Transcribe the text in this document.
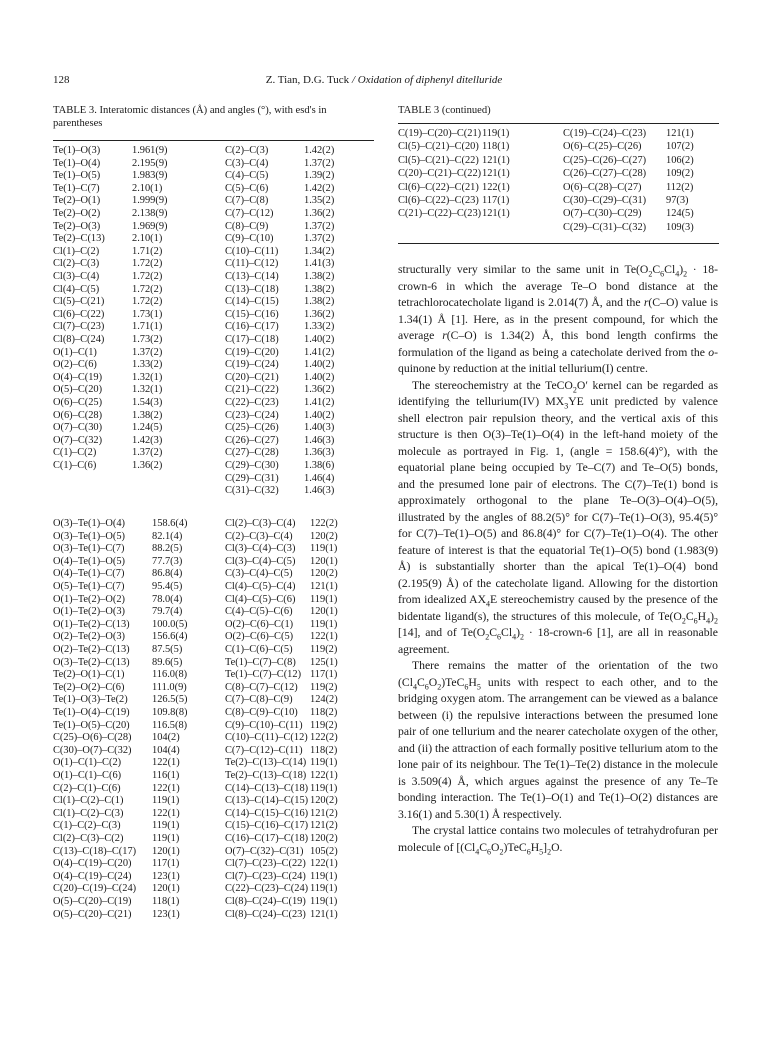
128	Z. Tian, D.G. Tuck / Oxidation of diphenyl ditelluride
TABLE 3. Interatomic distances (Å) and angles (°), with esd's in parentheses
Te(1)–O(3)	1.961(9)
Te(1)–O(4)	2.195(9)
Te(1)–O(5)	1.983(9)
Te(1)–C(7)	2.10(1)
Te(2)–O(1)	1.999(9)
Te(2)–O(2)	2.138(9)
Te(2)–O(3)	1.969(9)
Te(2)–C(13)	2.10(1)
Cl(1)–C(2)	1.71(2)
Cl(2)–C(3)	1.72(2)
Cl(3)–C(4)	1.72(2)
Cl(4)–C(5)	1.72(2)
Cl(5)–C(21)	1.72(2)
Cl(6)–C(22)	1.73(1)
Cl(7)–C(23)	1.71(1)
Cl(8)–C(24)	1.73(2)
O(1)–C(1)	1.37(2)
O(2)–C(6)	1.33(2)
O(4)–C(19)	1.32(1)
O(5)–C(20)	1.32(1)
O(6)–C(25)	1.54(3)
O(6)–C(28)	1.38(2)
O(7)–C(30)	1.24(5)
O(7)–C(32)	1.42(3)
C(1)–C(2)	1.37(2)
C(1)–C(6)	1.36(2)
C(2)–C(3)	1.42(2)
C(3)–C(4)	1.37(2)
C(4)–C(5)	1.39(2)
C(5)–C(6)	1.42(2)
C(7)–C(8)	1.35(2)
C(7)–C(12)	1.36(2)
C(8)–C(9)	1.37(2)
C(9)–C(10)	1.37(2)
C(10)–C(11) 1.34(2)
C(11)–C(12) 1.41(3)
C(13)–C(14) 1.38(2)
C(13)–C(18) 1.38(2)
C(14)–C(15) 1.38(2)
C(15)–C(16) 1.36(2)
C(16)–C(17) 1.33(2)
C(17)–C(18) 1.40(2)
C(19)–C(20) 1.41(2)
C(19)–C(24) 1.40(2)
C(20)–C(21) 1.40(2)
C(21)–C(22) 1.36(2)
C(22)–C(23) 1.41(2)
C(23)–C(24) 1.40(2)
C(25)–C(26) 1.40(3)
C(26)–C(27) 1.46(3)
C(27)–C(28) 1.36(3)
C(29)–C(30) 1.38(6)
C(29)–C(31) 1.46(4)
C(31)–C(32) 1.46(3)
O(3)–Te(1)–O(4)	158.6(4)
O(3)–Te(1)–O(5)	82.1(4)
O(3)–Te(1)–C(7)	88.2(5)
O(4)–Te(1)–O(5)	77.7(3)
O(4)–Te(1)–C(7)	86.8(4)
O(5)–Te(1)–C(7)	95.4(5)
O(1)–Te(2)–O(2)	78.0(4)
O(1)–Te(2)–O(3)	79.7(4)
O(1)–Te(2)–C(13) 100.0(5)
O(2)–Te(2)–O(3)	156.6(4)
O(2)–Te(2)–C(13) 87.5(5)
O(3)–Te(2)–C(13) 89.6(5)
Te(2)–O(1)–C(1)	116.0(8)
Te(2)–O(2)–C(6)	111.0(9)
Te(1)–O(3)–Te(2) 126.5(5)
Te(1)–O(4)–C(19) 109.8(8)
Te(1)–O(5)–C(20) 116.5(8)
C(25)–O(6)–C(28) 104(2)
C(30)–O(7)–C(32) 104(4)
O(1)–C(1)–C(2)	122(1)
O(1)–C(1)–C(6)	116(1)
C(2)–C(1)–C(6)	122(1)
Cl(1)–C(2)–C(1)	119(1)
Cl(1)–C(2)–C(3)	122(1)
C(1)–C(2)–C(3)	119(1)
Cl(2)–C(3)–C(2)	119(1)
C(13)–C(18)–C(17) 120(1)
O(4)–C(19)–C(20) 117(1)
O(4)–C(19)–C(24) 123(1)
C(20)–C(19)–C(24) 120(1)
O(5)–C(20)–C(19) 118(1)
O(5)–C(20)–C(21) 123(1)
Cl(2)–C(3)–C(4) 122(2)
C(2)–C(3)–C(4) 120(2)
Cl(3)–C(4)–C(3) 119(1)
Cl(3)–C(4)–C(5) 120(1)
C(3)–C(4)–C(5) 120(2)
Cl(4)–C(5)–C(4) 121(1)
Cl(4)–C(5)–C(6) 119(1)
C(4)–C(5)–C(6) 120(1)
O(2)–C(6)–C(1) 119(1)
O(2)–C(6)–C(5) 122(1)
C(1)–C(6)–C(5) 119(2)
Te(1)–C(7)–C(8) 125(1)
Te(1)–C(7)–C(12) 117(1)
C(8)–C(7)–C(12) 119(2)
C(7)–C(8)–C(9) 124(2)
C(8)–C(9)–C(10) 118(2)
C(9)–C(10)–C(11) 119(2)
C(10)–C(11)–C(12) 122(2)
C(7)–C(12)–C(11) 118(2)
Te(2)–C(13)–C(14) 119(1)
Te(2)–C(13)–C(18) 122(1)
C(14)–C(13)–C(18) 119(1)
C(13)–C(14)–C(15) 120(2)
C(14)–C(15)–C(16) 121(2)
C(15)–C(16)–C(17) 121(2)
C(16)–C(17)–C(18) 120(2)
O(7)–C(32)–C(31) 105(2)
Cl(7)–C(23)–C(22) 122(1)
Cl(7)–C(23)–C(24) 119(1)
C(22)–C(23)–C(24) 119(1)
Cl(8)–C(24)–C(19) 119(1)
Cl(8)–C(24)–C(23) 121(1)
TABLE 3 (continued)
C(19)–C(20)–C(21) 119(1)
Cl(5)–C(21)–C(20) 118(1)
Cl(5)–C(21)–C(22) 121(1)
C(20)–C(21)–C(22) 121(1)
Cl(6)–C(22)–C(21) 122(1)
Cl(6)–C(22)–C(23) 117(1)
C(21)–C(22)–C(23) 121(1)
C(19)–C(24)–C(23) 121(1)
O(6)–C(25)–C(26) 107(2)
C(25)–C(26)–C(27) 106(2)
C(26)–C(27)–C(28) 109(2)
O(6)–C(28)–C(27) 112(2)
C(30)–C(29)–C(31) 97(3)
O(7)–C(30)–C(29) 124(5)
C(29)–C(31)–C(32) 109(3)

structurally very similar to the same unit in $Te(O_2C_6Cl_4)_2$ · 18-crown-6 in which the average Te–O bond distance at the tetrachlorocatecholate ligand is 2.014(7) Å, and the r(C–O) value is 1.34(1) Å [1]. Here, as in the present compound, for which the average r(C–O) is 1.34(2) Å, this bond length confirms the formulation of the ligand as being a catecholate derived from the o-quinone by reduction at the initial tellurium(I) centre.

The stereochemistry at the TeCO$_2$O′ kernel can be regarded as identifying the tellurium(IV) $MX_3YE$ unit predicted by valence shell electron pair repulsion theory, and the vertical axis of this structure is then O(3)–Te(1)–O(4) in the left-hand moiety of the molecule as portrayed in Fig. 1, (angle = 158.6(4)°), with the equatorial plane being occupied by Te–C(7) and Te–O(5) bonds, and the presumed lone pair of electrons. The C(7)–Te(1) bond is approximately orthogonal to the plane Te–O(3)–O(4)–O(5), illustrated by the angles of 88.2(5)° for C(7)–Te(1)–O(3), 95.4(5)° for C(7)–Te(1)–O(5) and 86.8(4)° for C(7)–Te(1)–O(4). The other feature of interest is that the equatorial Te(1)–O(5) bond (1.983(9) Å) is substantially shorter than the apical Te(1)–O(4) bond (2.195(9) Å) of the catecholate ligand. Allowing for the distortion from idealized $AX_4E$ stereochemistry caused by the presence of the bidentate ligand(s), the structures of this molecule, of $Te(O_2C_6H_4)_2$ [14], and of $Te(O_2C_6Cl_4)_2$ · 18-crown-6 [1], are all in reasonable agreement.

There remains the matter of the orientation of the two $(Cl_4C_6O_2)TeC_6H_5$ units with respect to each other, and to the bridging oxygen atom. The arrangement can be viewed as a balance between (i) the repulsive interactions between the presumed lone pair of one tellurium and the nearer catecholate oxygen of the other, and (ii) the attraction of each formally positive tellurium atom to the lone pair of its neighbour. The Te(1)–Te(2) distance in the molecule is 3.509(4) Å, which argues against the presence of any Te–Te bonding interaction. The Te(1)–O(1) and Te(1)–O(2) distances are 3.16(1) and 5.30(1) Å respectively.

The crystal lattice contains two molecules of tetrahydrofuran per molecule of $[(Cl_4C_6O_2)TeC_6H_5]_2O$.
